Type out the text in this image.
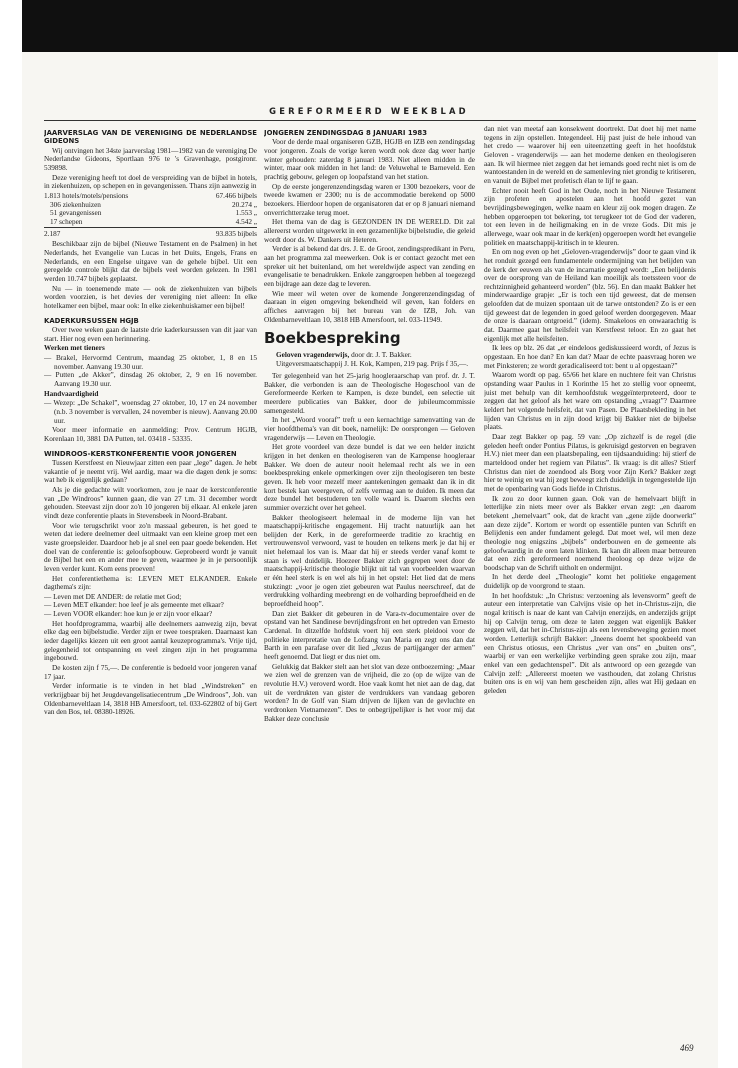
GEREFORMEERD WEEKBLAD
JAARVERSLAG VAN DE VERENIGING DE NEDERLANDSE GIDEONS

Wij ontvingen het 34ste jaarverslag 1981—1982 van de vereniging De Nederlandse Gideons, Sportlaan 976 te 's Gravenhage, postgironr. 539898.

Deze vereniging heeft tot doel de verspreiding van de bijbel in hotels, in ziekenhuizen, op schepen en in gevangenissen. Thans zijn aanwezig in

1.813 hotels/motels/pensions	67.466 bijbels
306 ziekenhuizen	20.274 „
51 gevangenissen	1.553 „
17 schepen	4.542 „
2.187	93.835 bijbels

Beschikbaar zijn de bijbel (Nieuwe Testament en de Psalmen) in het Nederlands, het Evangelie van Lucas in het Duits, Engels, Frans en Nederlands, en een Engelse uitgave van de gehele bijbel. Uit een geregelde controle blijkt dat de bijbels veel worden gelezen. In 1981 werden 10.747 bijbels geplaatst.

Nu — in toenemende mate — ook de ziekenhuizen van bijbels worden voorzien, is het devies der vereniging niet alleen: In elke hotelkamer een bijbel, maar ook: In elke ziekenhuiskamer een bijbel!

KADERKURSUSSEN HGJB

Over twee weken gaan de laatste drie kaderkursussen van dit jaar van start. Hier nog even een herinnering.

Werken met tieners

— Brakel, Hervormd Centrum, maandag 25 oktober, 1, 8 en 15 november. Aanvang 19.30 uur.
— Putten „de Akker”, dinsdag 26 oktober, 2, 9 en 16 november. Aanvang 19.30 uur.

Handvaardigheid

— Wezep: „De Schakel”, woensdag 27 oktober, 10, 17 en 24 november (n.b. 3 november is vervallen, 24 november is nieuw). Aanvang 20.00 uur.

Voor meer informatie en aanmelding: Prov. Centrum HGJB, Korenlaan 10, 3881 DA Putten, tel. 03418 - 53335.

WINDROOS-KERSTKONFERENTIE VOOR JONGEREN

Tussen Kerstfeest en Nieuwjaar zitten een paar „lege” dagen. Je hebt vakantie of je neemt vrij. Wel aardig, maar wa die dagen denk je soms: wat heb ik eigenlijk gedaan?

Als je die gedachte wilt voorkomen, zou je naar de kerstconferentie van „De Windroos” kunnen gaan, die van 27 t.m. 31 december wordt gehouden. Steevast zijn door zo'n 10 jongeren bij elkaar. Al enkele jaren vindt deze conferentie plaats in Stevensbeek in Noord-Brabant.

Voor wie terugschrikt voor zo'n massaal gebeuren, is het goed te weten dat iedere deelnemer deel uitmaakt van een kleine groep met een vaste groepsleider. Daardoor heb je al snel een paar goede bekenden. Het doel van de conferentie is: geloofsopbouw. Geprobeerd wordt je vanuit de Bijbel het een en ander mee te geven, waarmee je in je persoonlijk leven verder kunt. Kom eens proeven!

Het conferentiethema is: LEVEN MET ELKANDER. Enkele dagthema's zijn:

— Leven met DE ANDER: de relatie met God;
— Leven MET elkander: hoe leef je als gemeente met elkaar?
— Leven VOOR elkander: hoe kun je er zijn voor elkaar?

Het hoofdprogramma, waarbij alle deelnemers aanwezig zijn, bevat elke dag een bijbelstudie. Verder zijn er twee toespraken. Daarnaast kan ieder dagelijks kiezen uit een groot aantal keuzeprogramma's. Vrije tijd, gelegenheid tot ontspanning en veel zingen zijn in het programma ingebouwd.

De kosten zijn f 75,—. De conferentie is bedoeld voor jongeren vanaf 17 jaar.

Verder informatie is te vinden in het blad „Windstreken” en verkrijgbaar bij het Jeugdevangelisatiecentrum „De Windroos”, Joh. van Oldenbarneveltlaan 14, 3818 HB Amersfoort, tel. 033-622802 of bij Gert van den Bos, tel. 08380-18926.

JONGEREN ZENDINGSDAG 8 JANUARI 1983

Voor de derde maal organiseren GZB, HGJB en IZB een zendingsdag voor jongeren. Zoals de vorige keren wordt ook deze dag weer hartje winter gehouden: zaterdag 8 januari 1983. Niet alleen midden in de winter, maar ook midden in het land: de Veluwehal te Barneveld. Een prachtig gebouw, gelegen op loopafstand van het station.

Op de eerste jongerenzendingsdag waren er 1300 bezoekers, voor de tweede kwamen er 2300; nu is de accommodatie berekend op 5000 bezoekers. Hierdoor hopen de organisatoren dat er op 8 januari niemand onverrichtterzake terug moet.

Het thema van de dag is GEZONDEN IN DE WERELD. Dit zal allereerst worden uitgewerkt in een gezamenlijke bijbelstudie, die geleid wordt door ds. W. Dankers uit Heteren.

Verder is al bekend dat drs. J. E. de Groot, zendingspredikant in Peru, aan het programma zal meewerken. Ook is er contact gezocht met een spreker uit het buitenland, om het wereldwijde aspect van zending en evangelisatie te benadrukken. Enkele zanggroepen hebben al toegezegd een bijdrage aan deze dag te leveren.

Wie meer wil weten over de komende Jongerenzendingsdag of daaraan in eigen omgeving bekendheid wil geven, kan folders en affiches aanvragen bij het bureau van de IZB, Joh. van Oldenbarneveltlaan 10, 3818 HB Amersfoort, tel. 033-11949.

Boekbespreking
Geloven vragenderwijs, door dr. J. T. Bakker.
Uitgeversmaatschappij J. H. Kok, Kampen, 219 pag. Prijs f 35,—.

Ter gelegenheid van het 25-jarig hoogleraarschap van prof. dr. J. T. Bakker, die verbonden is aan de Theologische Hogeschool van de Gereformeerde Kerken te Kampen, is deze bundel, een selectie uit meerdere publicaties van Bakker, door de jubileumcommissie samengesteld.

In het „Woord vooraf” treft u een kernachtige samenvatting van de vier hoofdthema's van dit boek, namelijk: De oorsprongen — Geloven vragenderwijs — Leven en Theologie.

Het grote voordeel van deze bundel is dat we een helder inzicht krijgen in het denken en theologiseren van de Kampense hoogleraar Bakker. We doen de auteur nooit helemaal recht als we in een boekbespreking enkele opmerkingen over zijn theologiseren ten beste geven. Ik heb voor mezelf meer aantekeningen gemaakt dan ik in dit kort bestek kan weergeven, of zelfs vermag aan te duiden. Ik meen dat deze bundel het bestuderen ten volle waard is. Daarom slechts een summier overzicht over het geheel.

Bakker theologiseert helemaal in de moderne lijn van het maatschappij-kritische engagement. Hij tracht natuurlijk aan het belijden der Kerk, in de gereformeerde traditie zo krachtig en vertrouwensvol verwoord, vast te houden en telkens merk je dat hij er niet helemaal los van is. Maar dat hij er steeds verder vanaf komt te staan is wel duidelijk. Hoezeer Bakker zich gegrepen weet door de maatschappij-kritische theologie blijkt uit tal van voorbeelden waarvan er één heel sterk is en wel als hij in het opstel: Het lied dat de mens stukzingt: „voor je ogen ziet gebeuren wat Paulus neerschreef, dat de verdrukking volharding meebrengt en de volharding beproefdheid en de beproefdheid hoop”.

Dan ziet Bakker dit gebeuren in de Vara-tv-documentaire over de opstand van het Sandinese bevrijdingsfront en het optreden van Ernesto Cardenal. In ditzelfde hofdstuk voert hij een sterk pleidooi voor de politieke interpretatie van de Lofzang van Maria en zegt ons dan dat Barth in een parafase over dit lied „Jezus de partijganger der armen” heeft genoemd. Dat liegt er dus niet om.

Gelukkig dat Bakker stelt aan het slot van deze ontboezeming: „Maar we zien wel de grenzen van de vrijheid, die zo (op de wijze van de revolutie H.V.) veroverd wordt. Hoe vaak komt het niet aan de dag, dat uit de verdrukten van gister de verdrukkers van vandaag geboren worden? In de Golf van Siam drijven de lijken van de gevluchte en verdronken Vietnamezen”. Des te onbegrijpelijker is het voor mij dat Bakker deze conclusie

dan niet van meetaf aan konsekwent doortrekt. Dat doet hij met name tegens in zijn opstellen. Integendeel. Hij past juist de hele inhoud van het credo — waarover hij een uiteenzetting geeft in het hoofdstuk Geloven - vragenderwijs — aan het moderne denken en theologiseren aan. Ik wil hiermee niet zeggen dat het iemands goed recht niet is om de wantoestanden in de wereld en de samenleving niet grondig te kritiseren, en vanuit de Bijbel met profetisch élan te lijf te gaan.

Echter nooit heeft God in het Oude, noch in het Nieuwe Testament zijn profeten en apostelen aan het hoofd gezet van bevrijdingsbewegingen, welke naam en kleur zij ook mogen dragen. Ze hebben opgeroepen tot bekering, tot terugkeer tot de God der vaderen, tot een leven in de heiligmaking en in de vreze Gods. Dit mis je allerwege, waar ook maar in de kerk(en) opgeroepen wordt het evangelie politiek en maatschappij-kritisch in te kleuren.

En om nog even op het „Geloven-vragenderwijs” door te gaan vind ik het ronduit gezegd een fundamentele ondermijning van het belijden van de kerk der eeuwen als van de incarnatie gezegd wordt: „Een belijdenis over de oorsprong van de Heiland kan moeilijk als toetssteen voor de rechtzinnigheid gehanteerd worden” (blz. 56). En dan maakt Bakker het minderwaardige grapje: „Er is toch een tijd geweest, dat de mensen geloofden dat de muizen spontaan uit de tarwe ontstonden? Zo is er een tijd geweest dat de legenden in goed geloof werden doorgegeven. Maar de onze is daaraan ontgroeid.” (idem). Smakeloos en onwaarachtig is dat. Daarmee gaat het heilsfeit van Kerstfeest teloor. En zo gaat het eigenlijk met alle heilsfeiten.

Ik lees op blz. 26 dat „er eindeloos gediskussieerd wordt, of Jezus is opgestaan. En hoe dan? En kan dat? Maar de echte paasvraag horen we met Pinksteren; ze wordt geradicaliseerd tot: bent u al opgestaan?”

Waarom wordt op pag. 65/66 het klare en nuchtere feit van Christus opstanding waar Paulus in 1 Korinthe 15 het zo stellig voor opneemt, juist met behulp van dit kernhoofdstuk weggeïnterpreteerd, door te zeggen dat het geloof als het ware om opstanding „vraagt”? Daarmee keldert het volgende heilsfeit, dat van Pasen. De Plaatsbekleding in het lijden van Christus en in zijn dood krijgt bij Bakker niet de bijbelse plaats.

Daar zegt Bakker op pag. 59 van: „Op zichzelf is de regel (die geleden heeft onder Pontius Pilatus, is gekruisigd gestorven en begraven H.V.) niet meer dan een plaatsbepaling, een tijdsaanduiding: hij stierf de marteldood onder het regiem van Pilatus”. Ik vraag: is dit alles? Stierf Christus dan niet de zoendood als Borg voor Zijn Kerk? Bakker zegt hier te weinig en wat hij zegt beweegt zich duidelijk in tegengestelde lijn met de openbaring van Gods liefde in Christus.

Ik zou zo door kunnen gaan. Ook van de hemelvaart blijft in letterlijke zin niets meer over als Bakker ervan zegt: „en daarom betekent „hemelvaart” ook, dat de kracht van „gene zijde doorwerkt” aan deze zijde”. Kortom er wordt op essentiële punten van Schrift en Belijdenis een ander fundament gelegd. Dat moet wel, wil men deze theologie nog enigszins „bijbels” onderbouwen en de gemeente als geloofwaardig in de oren laten klinken. Ik kan dit alleen maar betreuren dat een zich gereformeerd noemend theoloog op deze wijze de boodschap van de Schrift uitholt en ondermijnt.

In het derde deel „Theologie” komt het politieke engagement duidelijk op de voorgrond te staan.

In het hoofdstuk: „In Christus: verzoening als levensvorm” geeft de auteur een interpretatie van Calvijns visie op het in-Christus-zijn, die nogal kritisch is naar de kant van Calvijn enerzijds, en anderzijds grijpt hij op Calvijn terug, om deze te laten zeggen wat eigenlijk Bakker zeggen wil, dat het in-Christus-zijn als een levensbeweging gezien moet worden. Letterlijk schrijft Bakker: „Ineens doemt het spookbeeld van een Christus otiosus, een Christus „ver van ons” en „buiten ons”, waarbij er van een werkelijke verbinding geen sprake zou zijn, maar enkel van een gedachtenspel”. Dit als antwoord op een gezegde van Calvijn zelf: „Allereerst moeten we vasthouden, dat zolang Christus buiten ons is en wij van hem gescheiden zijn, alles wat Hij gedaan en geleden

469
